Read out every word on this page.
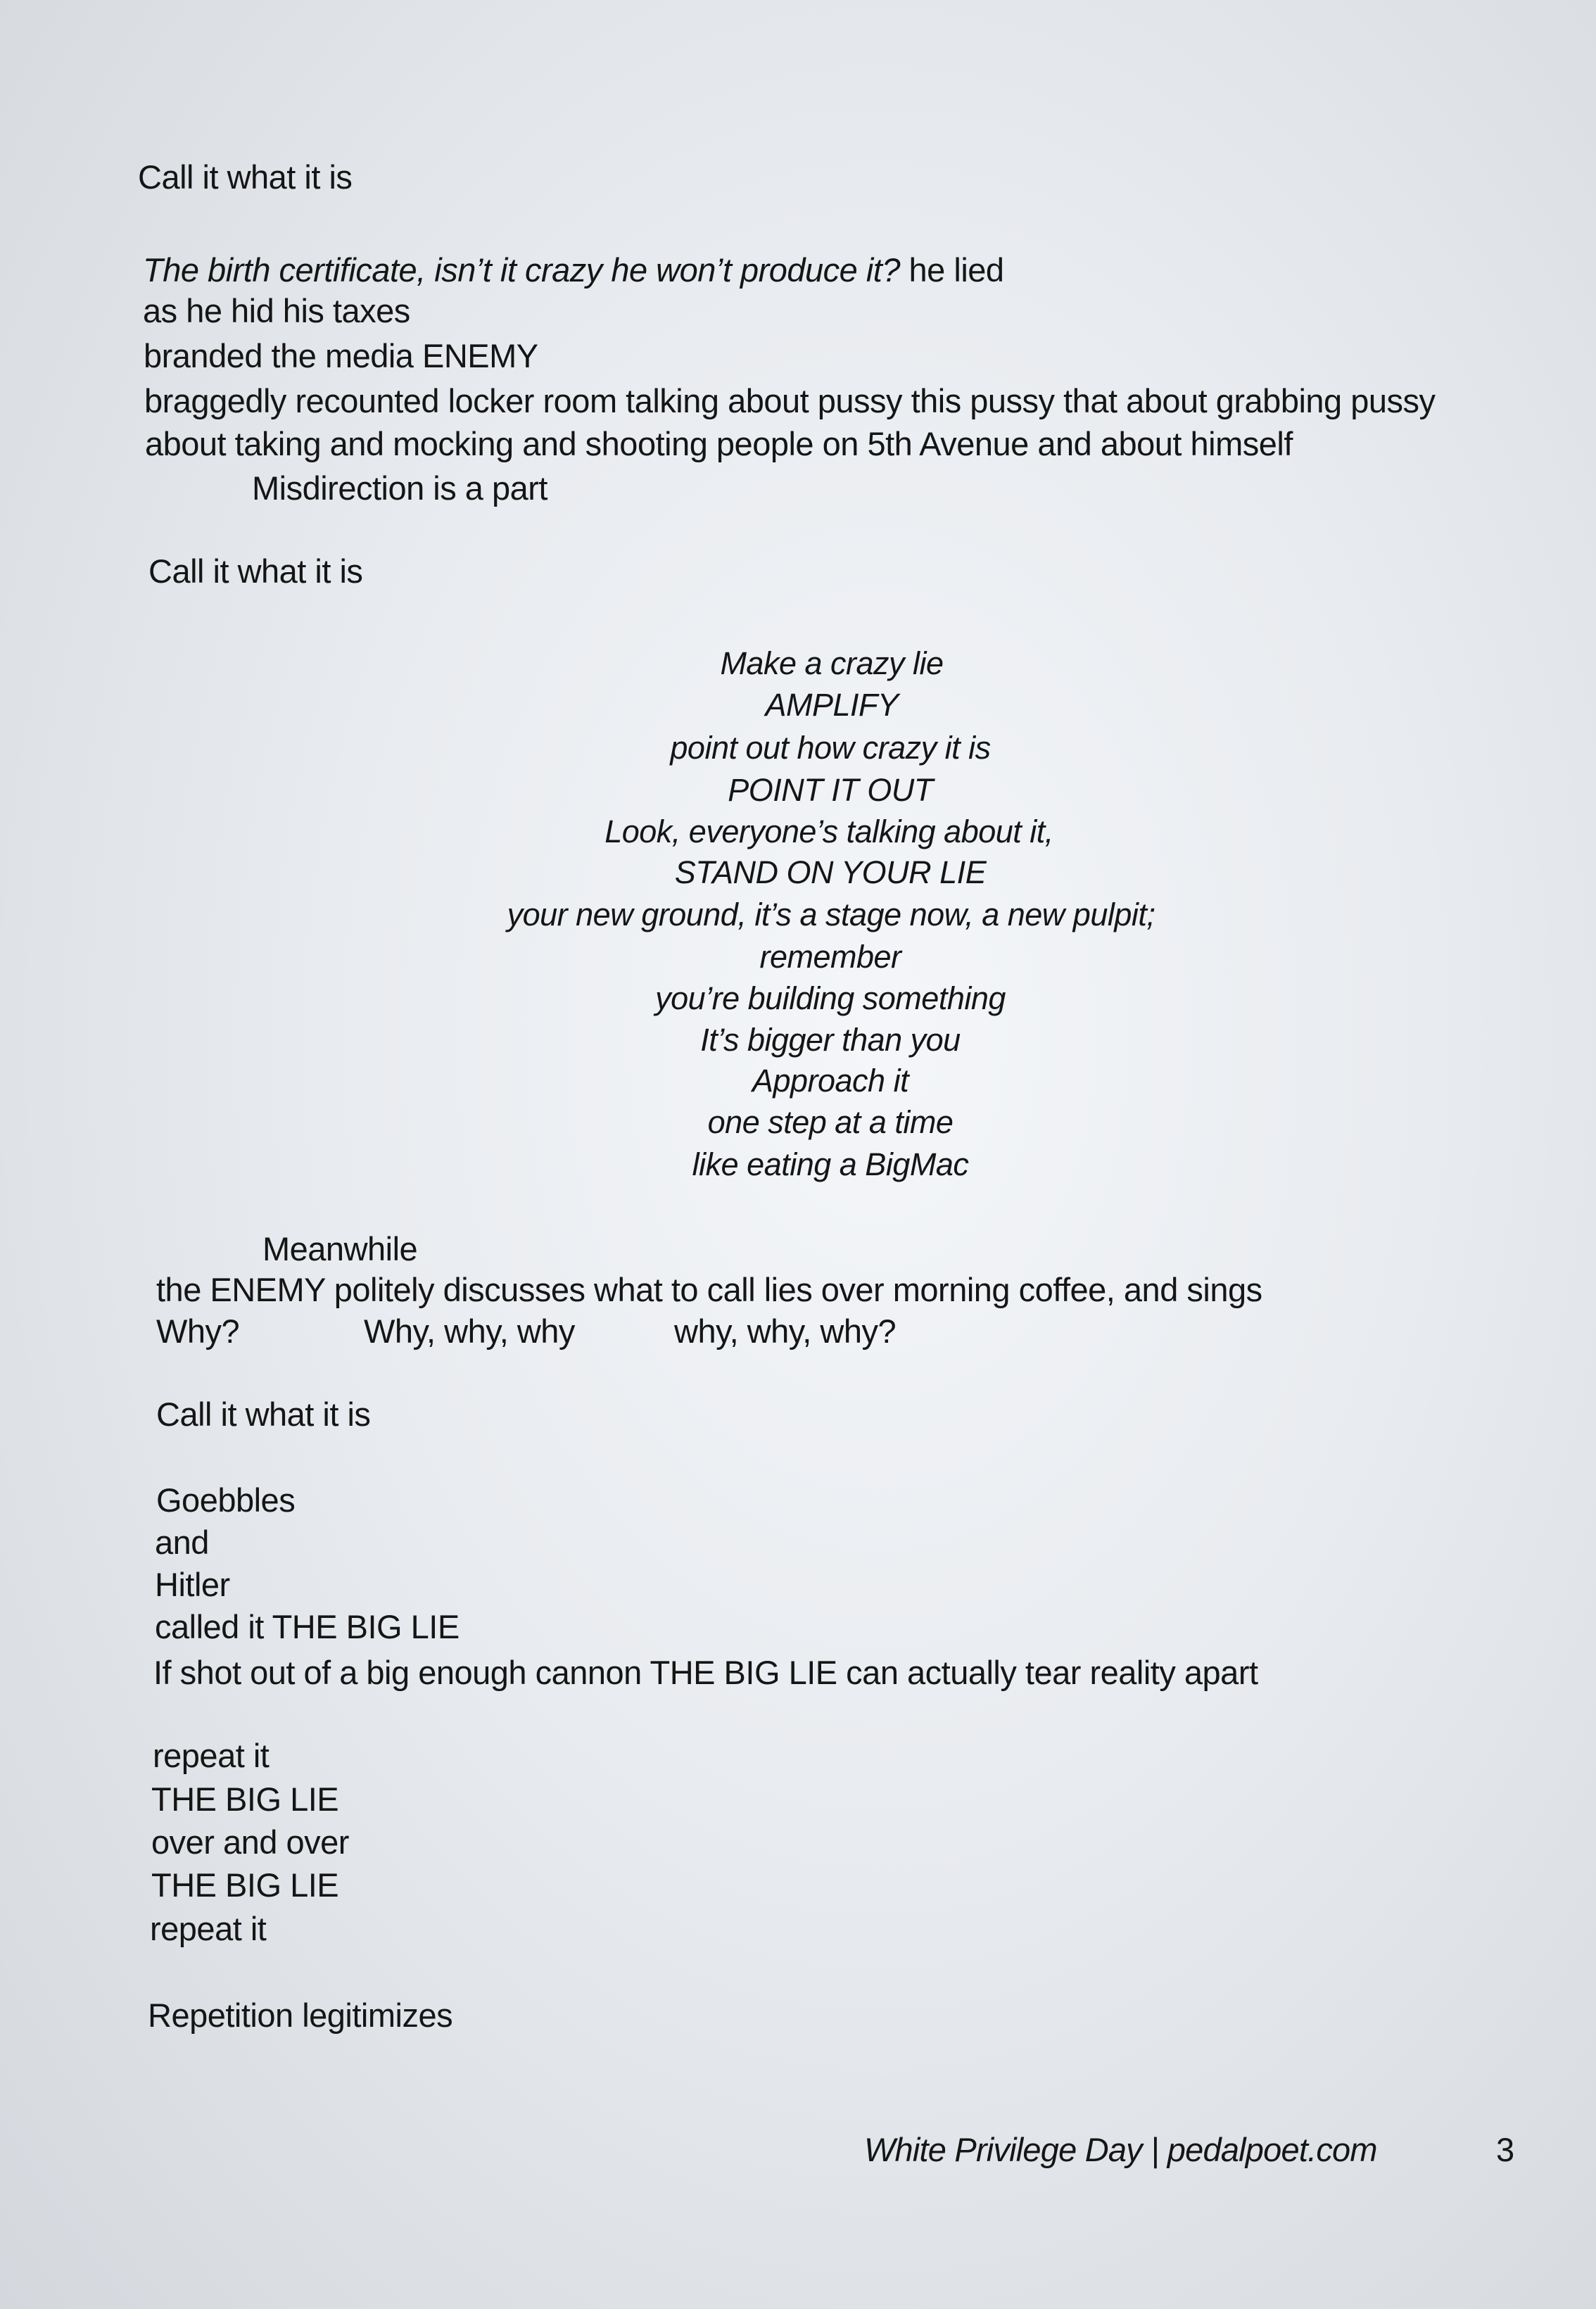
Call it what it is
The birth certificate, isn’t it crazy he won’t produce it? he lied
as he hid his taxes
branded the media ENEMY
braggedly recounted locker room talking about pussy this pussy that about grabbing pussy
about taking and mocking and shooting people on 5th Avenue and about himself
Misdirection is a part
Call it what it is
Make a crazy lie
AMPLIFY
point out how crazy it is
POINT IT OUT
Look, everyone’s talking about it,
STAND ON YOUR LIE
your new ground, it’s a stage now, a new pulpit;
remember
you’re building something
It’s bigger than you
Approach it
one step at a time
like eating a BigMac
Meanwhile
the ENEMY politely discusses what to call lies over morning coffee, and sings
Why?	Why, why, why	why, why, why?
Call it what it is
Goebbles
and
Hitler
called it THE BIG LIE
If shot out of a big enough cannon THE BIG LIE can actually tear reality apart
repeat it
THE BIG LIE
over and over
THE BIG LIE
repeat it
Repetition legitimizes
White Privilege Day | pedalpoet.com	3
